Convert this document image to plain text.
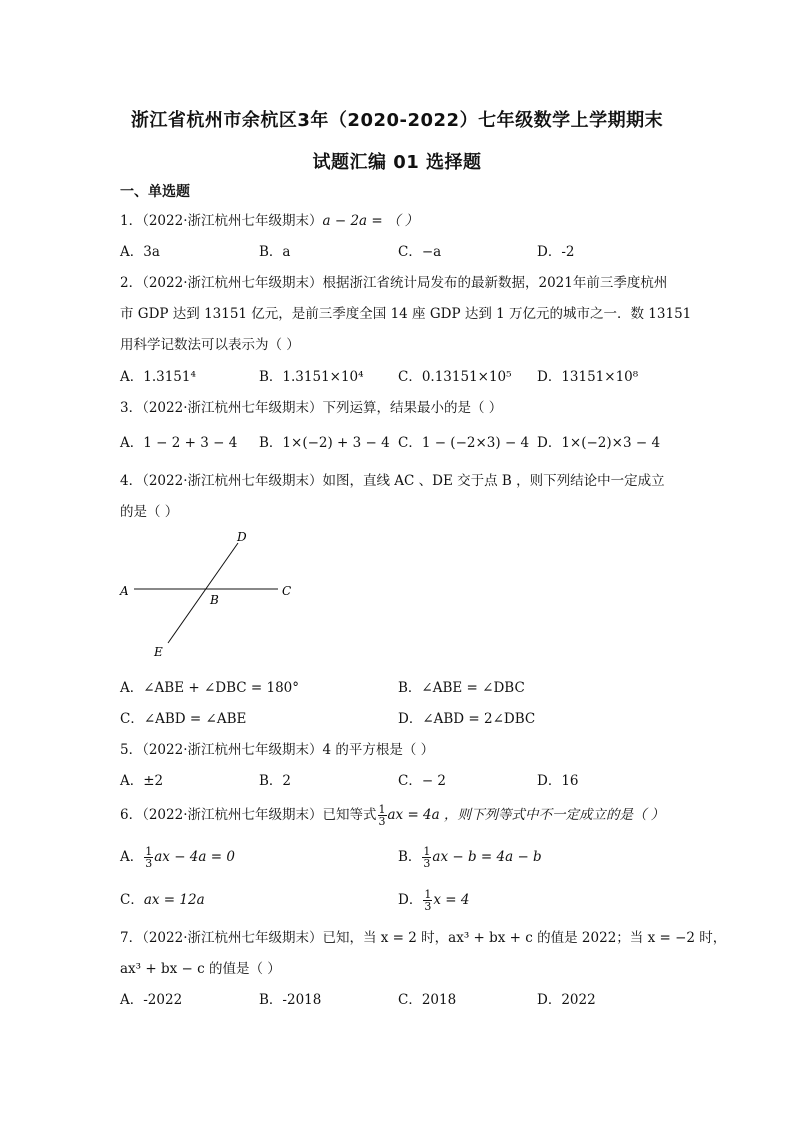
浙江省杭州市余杭区3年（2020-2022）七年级数学上学期期末
试题汇编 01 选择题
一、单选题
1．（2022·浙江杭州七年级期末）a − 2a = （ ）
A．3a	B．a	C．−a	D．-2
2．（2022·浙江杭州七年级期末）根据浙江省统计局发布的最新数据，2021年前三季度杭州
市 GDP 达到 13151 亿元，是前三季度全国 14 座 GDP 达到 1 万亿元的城市之一．数 13151
用科学记数法可以表示为（ ）
A．1.3151⁴	B．1.3151×10⁴	C．0.13151×10⁵ D．13151×10⁸
3．（2022·浙江杭州七年级期末）下列运算，结果最小的是（ ）
A．1 − 2 + 3 − 4 B．1×(−2) + 3 − 4 C．1 − (−2×3) − 4 D．1×(−2)×3 − 4
4．（2022·浙江杭州七年级期末）如图，直线 AC 、DE 交于点 B ，则下列结论中一定成立
的是（ ）
D
A
B
C
E
A．∠ABE + ∠DBC = 180°	B．∠ABE = ∠DBC
C．∠ABD = ∠ABE	D．∠ABD = 2∠DBC
5．（2022·浙江杭州七年级期末）4 的平方根是（ ）
A．±2	B．2	C．− 2	D．16
6．（2022·浙江杭州七年级期末）已知等式 $\frac{1}{3}$ ax = 4a ，则下列等式中不一定成立的是（ ）
A． $\frac{1}{3}$ ax − 4a = 0	B． $\frac{1}{3}$ ax − b = 4a − b
C．ax = 12a	D． $\frac{1}{3}$ x = 4
7．（2022·浙江杭州七年级期末）已知，当 x = 2 时，ax³ + bx + c 的值是 2022；当 x = −2 时，
ax³ + bx − c 的值是（ ）
A．-2022	B．-2018	C．2018	D．2022
